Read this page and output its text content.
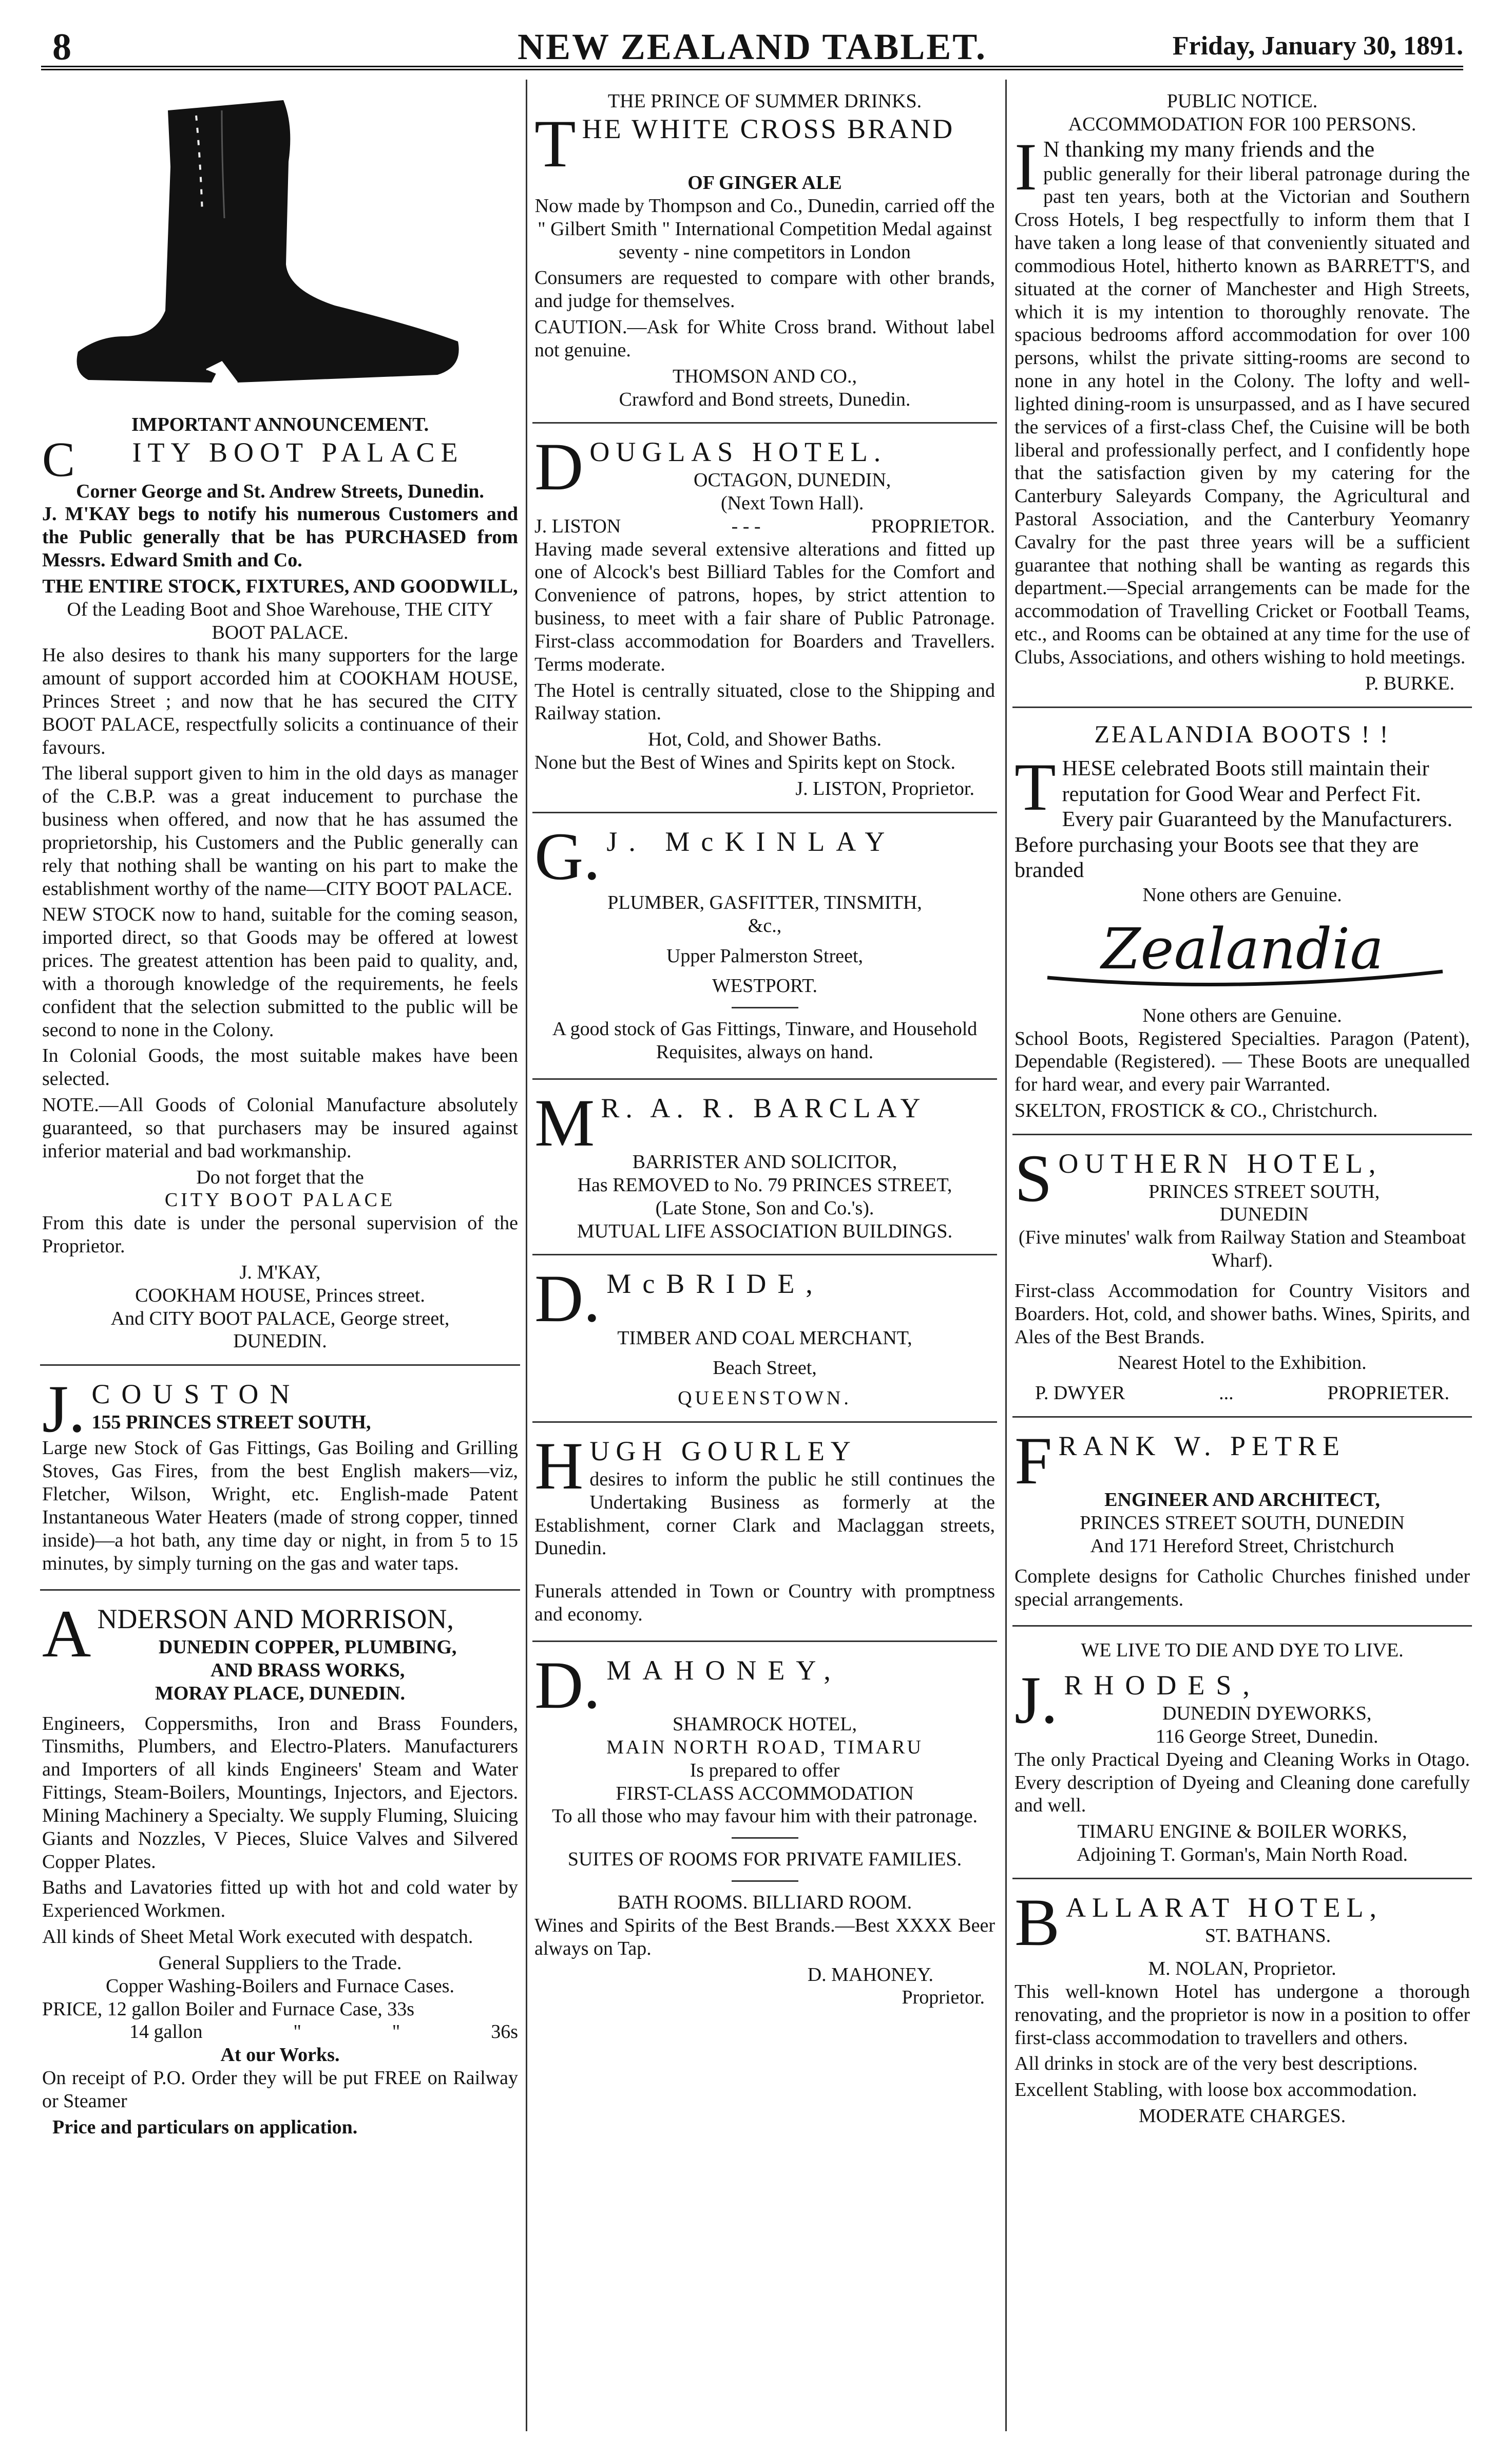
8	NEW ZEALAND TABLET.	Friday, January 30, 1891.
IMPORTANT ANNOUNCEMENT.
C ITY BOOT PALACE
Corner George and St. Andrew Streets, Dunedin.

J. M'KAY begs to notify his numerous Customers and the Public generally that be has PURCHASED from Messrs. Edward Smith and Co.

THE ENTIRE STOCK, FIXTURES, AND GOODWILL,
Of the Leading Boot and Shoe Warehouse, THE CITY BOOT PALACE.

He also desires to thank his many supporters for the large amount of support accorded him at COOKHAM HOUSE, Princes Street ; and now that he has secured the CITY BOOT PALACE, respectfully solicits a continuance of their favours.

The liberal support given to him in the old days as manager of the C.B.P. was a great inducement to purchase the business when offered, and now that he has assumed the proprietorship, his Customers and the Public generally can rely that nothing shall be wanting on his part to make the establishment worthy of the name—CITY BOOT PALACE.

NEW STOCK now to hand, suitable for the coming season, imported direct, so that Goods may be offered at lowest prices. The greatest attention has been paid to quality, and, with a thorough knowledge of the requirements, he feels confident that the selection submitted to the public will be second to none in the Colony.

In Colonial Goods, the most suitable makes have been selected.

NOTE.—All Goods of Colonial Manufacture absolutely guaranteed, so that purchasers may be insured against inferior material and bad workmanship.

Do not forget that the
CITY BOOT PALACE

From this date is under the personal supervision of the Proprietor.

J. M'KAY,
COOKHAM HOUSE, Princes street.
And CITY BOOT PALACE, George street,
DUNEDIN.
J. COUSTON
155 PRINCES STREET SOUTH,

Large new Stock of Gas Fittings, Gas Boiling and Grilling Stoves, Gas Fires, from the best English makers—viz, Fletcher, Wilson, Wright, etc. English-made Patent Instantaneous Water Heaters (made of strong copper, tinned inside)—a hot bath, any time day or night, in from 5 to 15 minutes, by simply turning on the gas and water taps.

ANDERSON AND MORRISON,
DUNEDIN COPPER, PLUMBING,
AND BRASS WORKS,
MORAY PLACE, DUNEDIN.

Engineers, Coppersmiths, Iron and Brass Founders, Tinsmiths, Plumbers, and Electro-Platers. Manufacturers and Importers of all kinds Engineers' Steam and Water Fittings, Steam-Boilers, Mountings, Injectors, and Ejectors. Mining Machinery a Specialty. We supply Fluming, Sluicing Giants and Nozzles, V Pieces, Sluice Valves and Silvered Copper Plates.

Baths and Lavatories fitted up with hot and cold water by Experienced Workmen.

All kinds of Sheet Metal Work executed with despatch.

General Suppliers to the Trade.
Copper Washing-Boilers and Furnace Cases.
PRICE, 12 gallon Boiler and Furnace Case, 33s
14 gallon	"	"	36s
At our Works.

On receipt of P.O. Order they will be put FREE on Railway or Steamer

Price and particulars on application.
THE PRINCE OF SUMMER DRINKS.
THE WHITE CROSS BRAND
OF GINGER ALE

Now made by Thompson and Co., Dunedin, carried off the " Gilbert Smith " International Competition Medal against seventy - nine competitors in London

Consumers are requested to compare with other brands, and judge for themselves.

CAUTION.—Ask for White Cross brand. Without label not genuine.

THOMSON AND CO.,
Crawford and Bond streets, Dunedin.
DOUGLAS HOTEL.
OCTAGON, DUNEDIN,
(Next Town Hall).
J. LISTON	- - -	PROPRIETOR.

Having made several extensive alterations and fitted up one of Alcock's best Billiard Tables for the Comfort and Convenience of patrons, hopes, by strict attention to business, to meet with a fair share of Public Patronage. First-class accommodation for Boarders and Travellers. Terms moderate.

The Hotel is centrally situated, close to the Shipping and Railway station.

Hot, Cold, and Shower Baths.

None but the Best of Wines and Spirits kept on Stock.

J. LISTON, Proprietor.
G. J. McKINLAY
PLUMBER, GASFITTER, TINSMITH,
&c.,
Upper Palmerston Street,
WESTPORT.

A good stock of Gas Fittings, Tinware, and Household Requisites, always on hand.

M R. A. R. BARCLAY
BARRISTER AND SOLICITOR,
Has REMOVED to No. 79 PRINCES STREET,
(Late Stone, Son and Co.'s).
MUTUAL LIFE ASSOCIATION BUILDINGS.
D. McBRIDE,
TIMBER AND COAL MERCHANT,
Beach Street,
QUEENSTOWN.
HUGH GOURLEY

desires to inform the public he still continues the Undertaking Business as formerly at the Establishment, corner Clark and Maclaggan streets, Dunedin.

Funerals attended in Town or Country with promptness and economy.

D. MAHONEY,
SHAMROCK HOTEL,
MAIN NORTH ROAD, TIMARU
Is prepared to offer
FIRST-CLASS ACCOMMODATION
To all those who may favour him with their patronage.
SUITES OF ROOMS FOR PRIVATE FAMILIES.
BATH ROOMS. BILLIARD ROOM.

Wines and Spirits of the Best Brands.—Best XXXX Beer always on Tap.

D. MAHONEY.
Proprietor.
PUBLIC NOTICE.
ACCOMMODATION FOR 100 PERSONS.
I N thanking my many friends and the

public generally for their liberal patronage during the past ten years, both at the Victorian and Southern Cross Hotels, I beg respectfully to inform them that I have taken a long lease of that conveniently situated and commodious Hotel, hitherto known as BARRETT'S, and situated at the corner of Manchester and High Streets, which it is my intention to thoroughly renovate. The spacious bedrooms afford accommodation for over 100 persons, whilst the private sitting-rooms are second to none in any hotel in the Colony. The lofty and well-lighted dining-room is unsurpassed, and as I have secured the services of a first-class Chef, the Cuisine will be both liberal and professionally perfect, and I confidently hope that the satisfaction given by my catering for the Canterbury Saleyards Company, the Agricultural and Pastoral Association, and the Canterbury Yeomanry Cavalry for the past three years will be a sufficient guarantee that nothing shall be wanting as regards this department.—Special arrangements can be made for the accommodation of Travelling Cricket or Football Teams, etc., and Rooms can be obtained at any time for the use of Clubs, Associations, and others wishing to hold meetings.

P. BURKE.
ZEALANDIA BOOTS ! !
THESE celebrated Boots still maintain their reputation for Good Wear and Perfect Fit. Every pair Guaranteed by the Manufacturers. Before purchasing your Boots see that they are branded
None others are Genuine.
Zealandia
None others are Genuine.

School Boots, Registered Specialties. Paragon (Patent), Dependable (Registered). — These Boots are unequalled for hard wear, and every pair Warranted.

SKELTON, FROSTICK & CO., Christchurch.
SOUTHERN HOTEL,
PRINCES STREET SOUTH,
DUNEDIN
(Five minutes' walk from Railway Station and Steamboat Wharf).

First-class Accommodation for Country Visitors and Boarders. Hot, cold, and shower baths. Wines, Spirits, and Ales of the Best Brands.

Nearest Hotel to the Exhibition.
P. DWYER	...	PROPRIETER.
FRANK W. PETRE
ENGINEER AND ARCHITECT,
PRINCES STREET SOUTH, DUNEDIN
And 171 Hereford Street, Christchurch

Complete designs for Catholic Churches finished under special arrangements.

WE LIVE TO DIE AND DYE TO LIVE.
J. RHODES,
DUNEDIN DYEWORKS,
116 George Street, Dunedin.

The only Practical Dyeing and Cleaning Works in Otago. Every description of Dyeing and Cleaning done carefully and well.

TIMARU ENGINE & BOILER WORKS,
Adjoining T. Gorman's, Main North Road.
BALLARAT HOTEL,
ST. BATHANS.
M. NOLAN, Proprietor.

This well-known Hotel has undergone a thorough renovating, and the proprietor is now in a position to offer first-class accommodation to travellers and others.

All drinks in stock are of the very best descriptions.

Excellent Stabling, with loose box accommodation.

MODERATE CHARGES.
